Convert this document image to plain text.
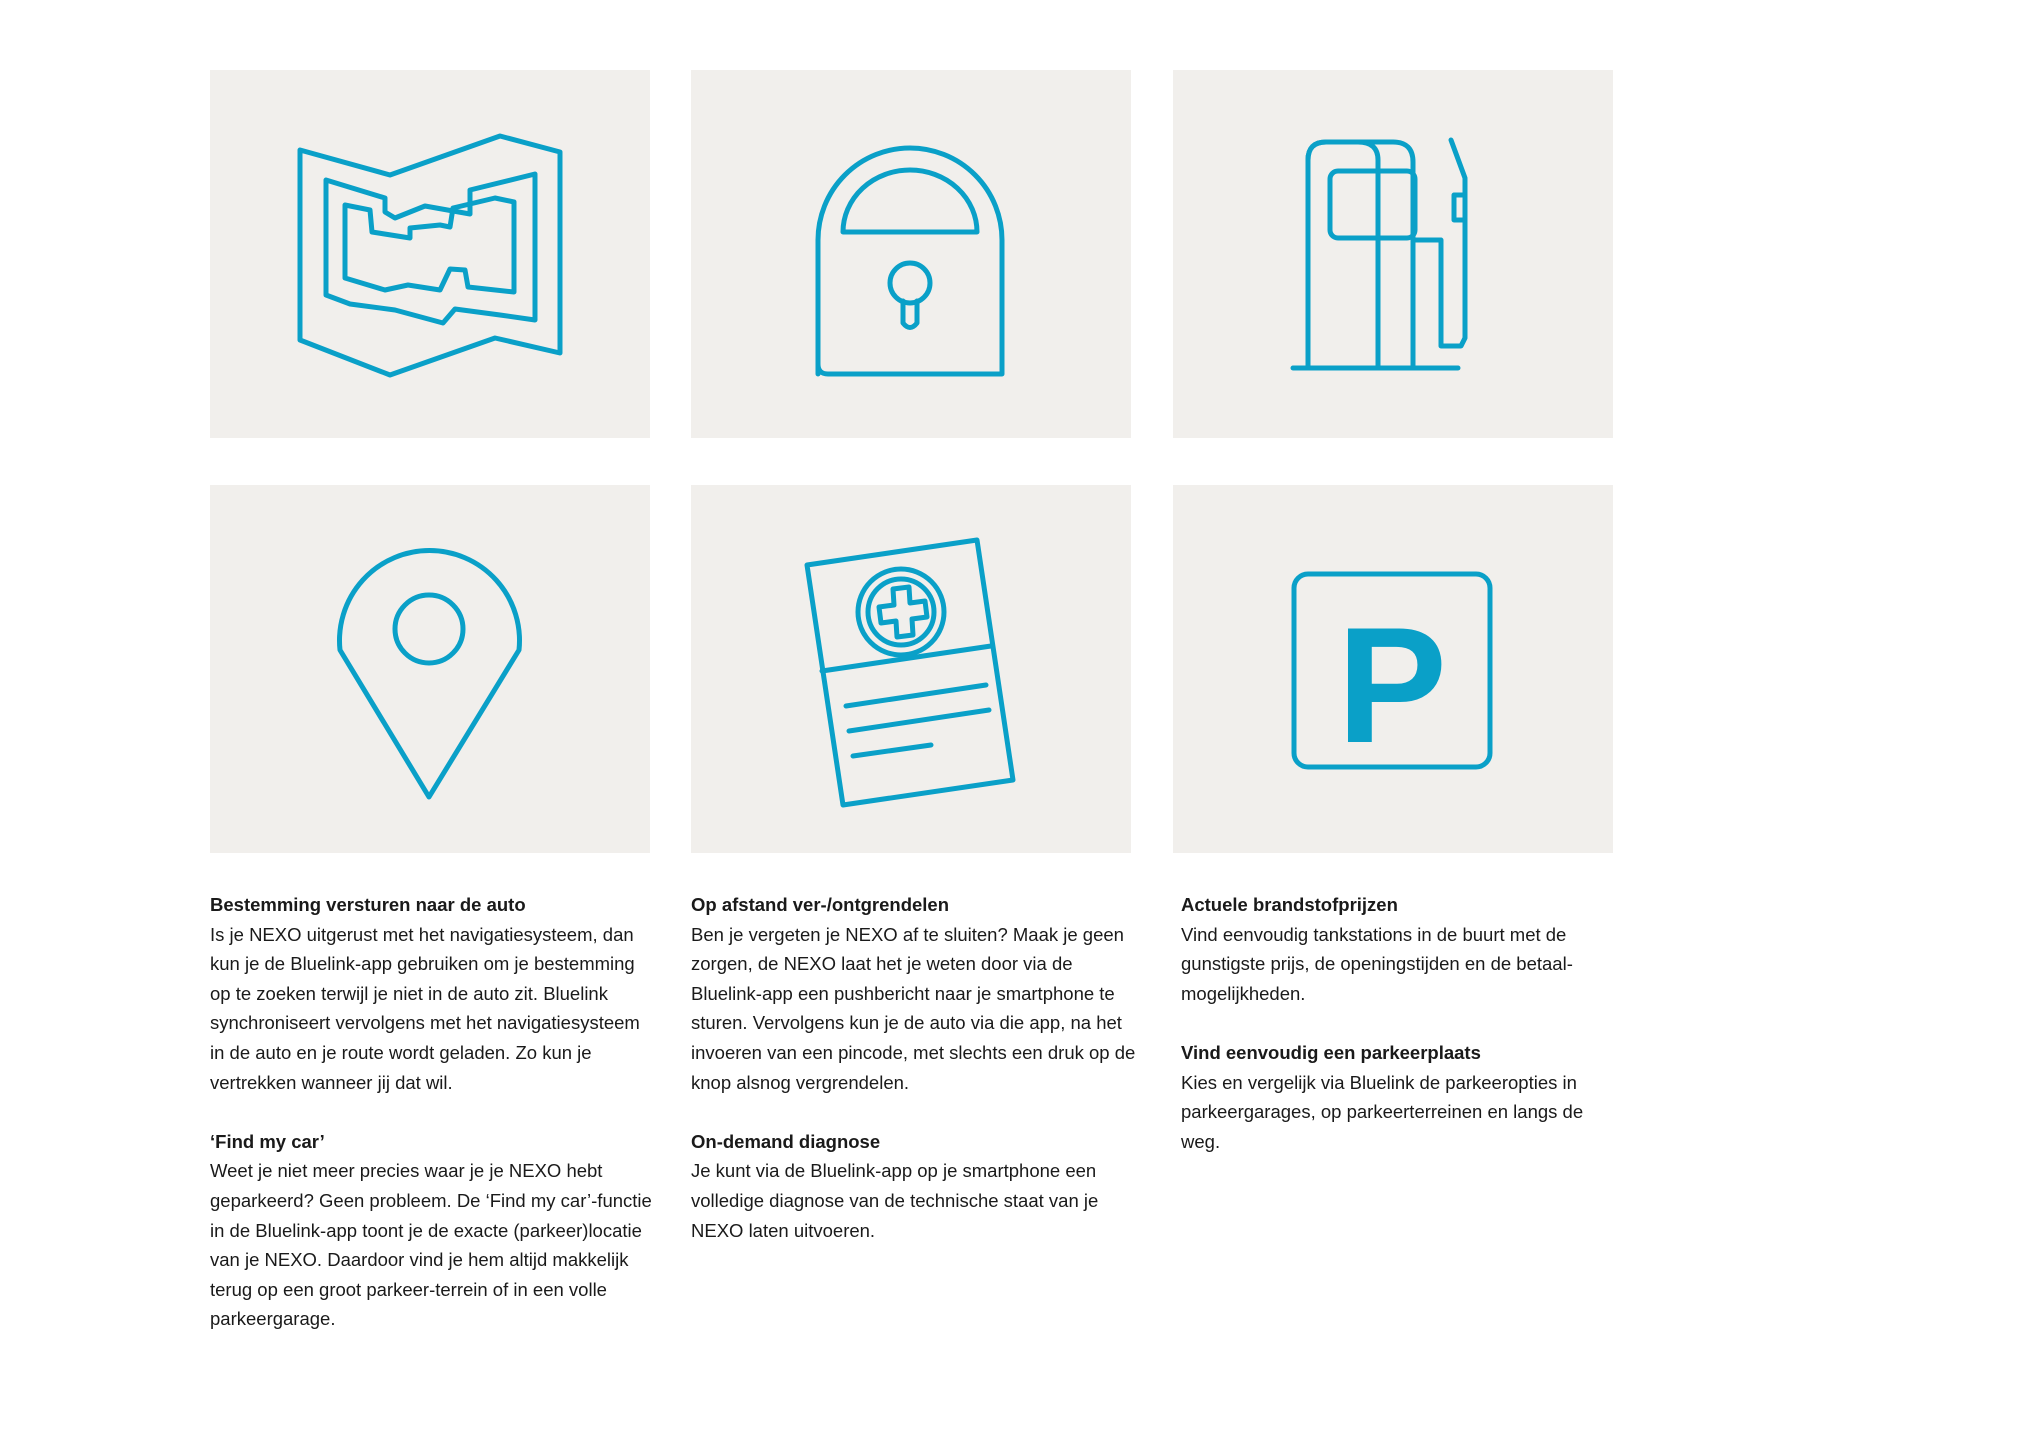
P
Bestemming versturen naar de auto

Is je NEXO uitgerust met het navigatiesysteem, dan kun je de Bluelink-app gebruiken om je bestemming op te zoeken terwijl je niet in de auto zit. Bluelink synchroniseert vervolgens met het navigatiesysteem in de auto en je route wordt geladen. Zo kun je vertrekken wanneer jij dat wil.

‘Find my car’

Weet je niet meer precies waar je je NEXO hebt geparkeerd? Geen probleem. De ‘Find my car’-functie in de Bluelink-app toont je de exacte (parkeer)locatie van je NEXO. Daardoor vind je hem altijd makkelijk terug op een groot parkeer-terrein of in een volle parkeergarage.

Op afstand ver-/ontgrendelen

Ben je vergeten je NEXO af te sluiten? Maak je geen zorgen, de NEXO laat het je weten door via de Bluelink-app een pushbericht naar je smartphone te sturen. Vervolgens kun je de auto via die app, na het invoeren van een pincode, met slechts een druk op de knop alsnog vergrendelen.

On-demand diagnose

Je kunt via de Bluelink-app op je smartphone een volledige diagnose van de technische staat van je NEXO laten uitvoeren.

Actuele brandstofprijzen

Vind eenvoudig tankstations in de buurt met de gunstigste prijs, de openingstijden en de betaal-mogelijkheden.

Vind eenvoudig een parkeerplaats

Kies en vergelijk via Bluelink de parkeeropties in parkeergarages, op parkeerterreinen en langs de weg.
